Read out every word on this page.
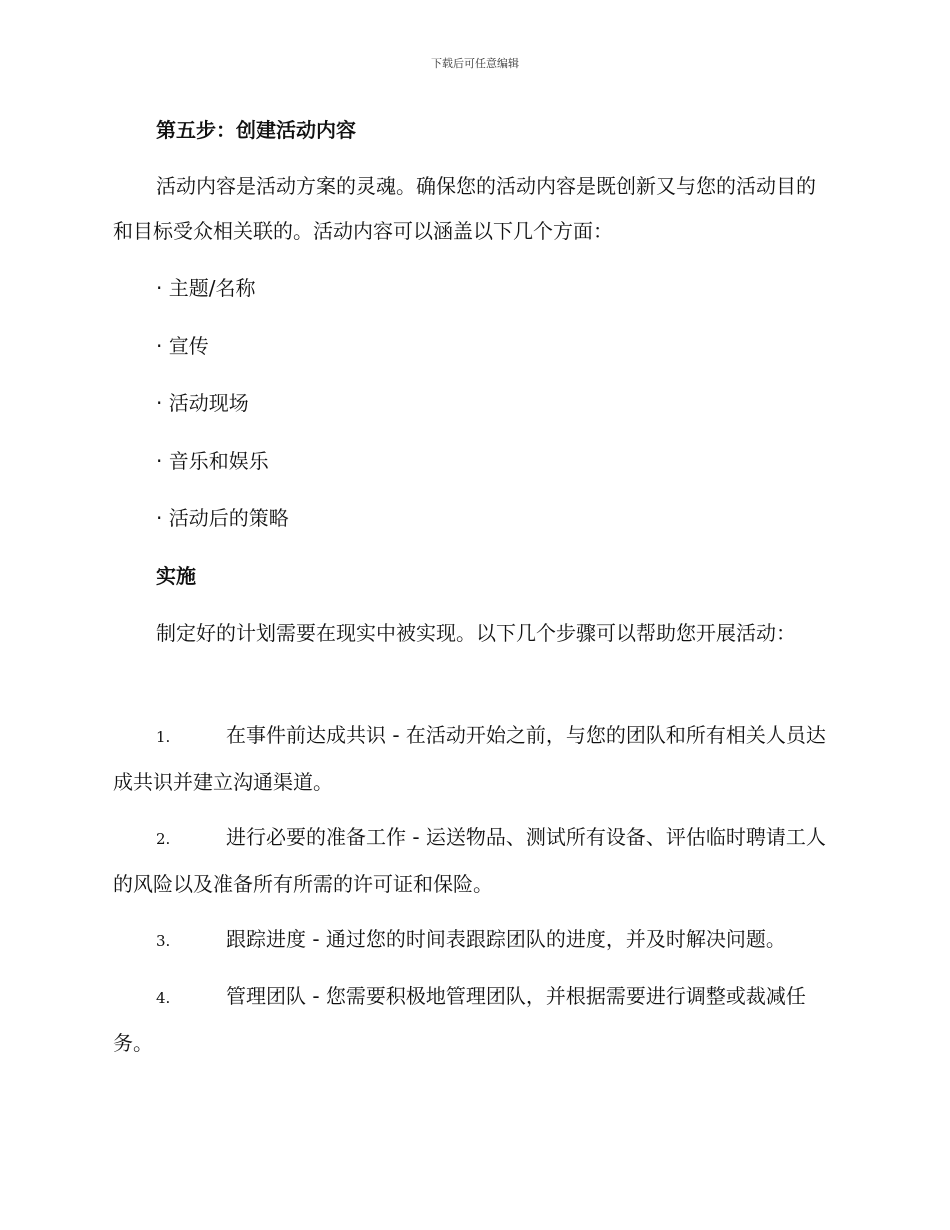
下载后可任意编辑
第五步：创建活动内容
活动内容是活动方案的灵魂。确保您的活动内容是既创新又与您的活动目的和目标受众相关联的。活动内容可以涵盖以下几个方面：
· 主题/名称
· 宣传
· 活动现场
· 音乐和娱乐
· 活动后的策略
实施
制定好的计划需要在现实中被实现。以下几个步骤可以帮助您开展活动：
1.	在事件前达成共识 - 在活动开始之前，与您的团队和所有相关人员达成共识并建立沟通渠道。
2.	进行必要的准备工作 - 运送物品、测试所有设备、评估临时聘请工人的风险以及准备所有所需的许可证和保险。
3.	跟踪进度 - 通过您的时间表跟踪团队的进度，并及时解决问题。
4.	管理团队 - 您需要积极地管理团队，并根据需要进行调整或裁减任务。
